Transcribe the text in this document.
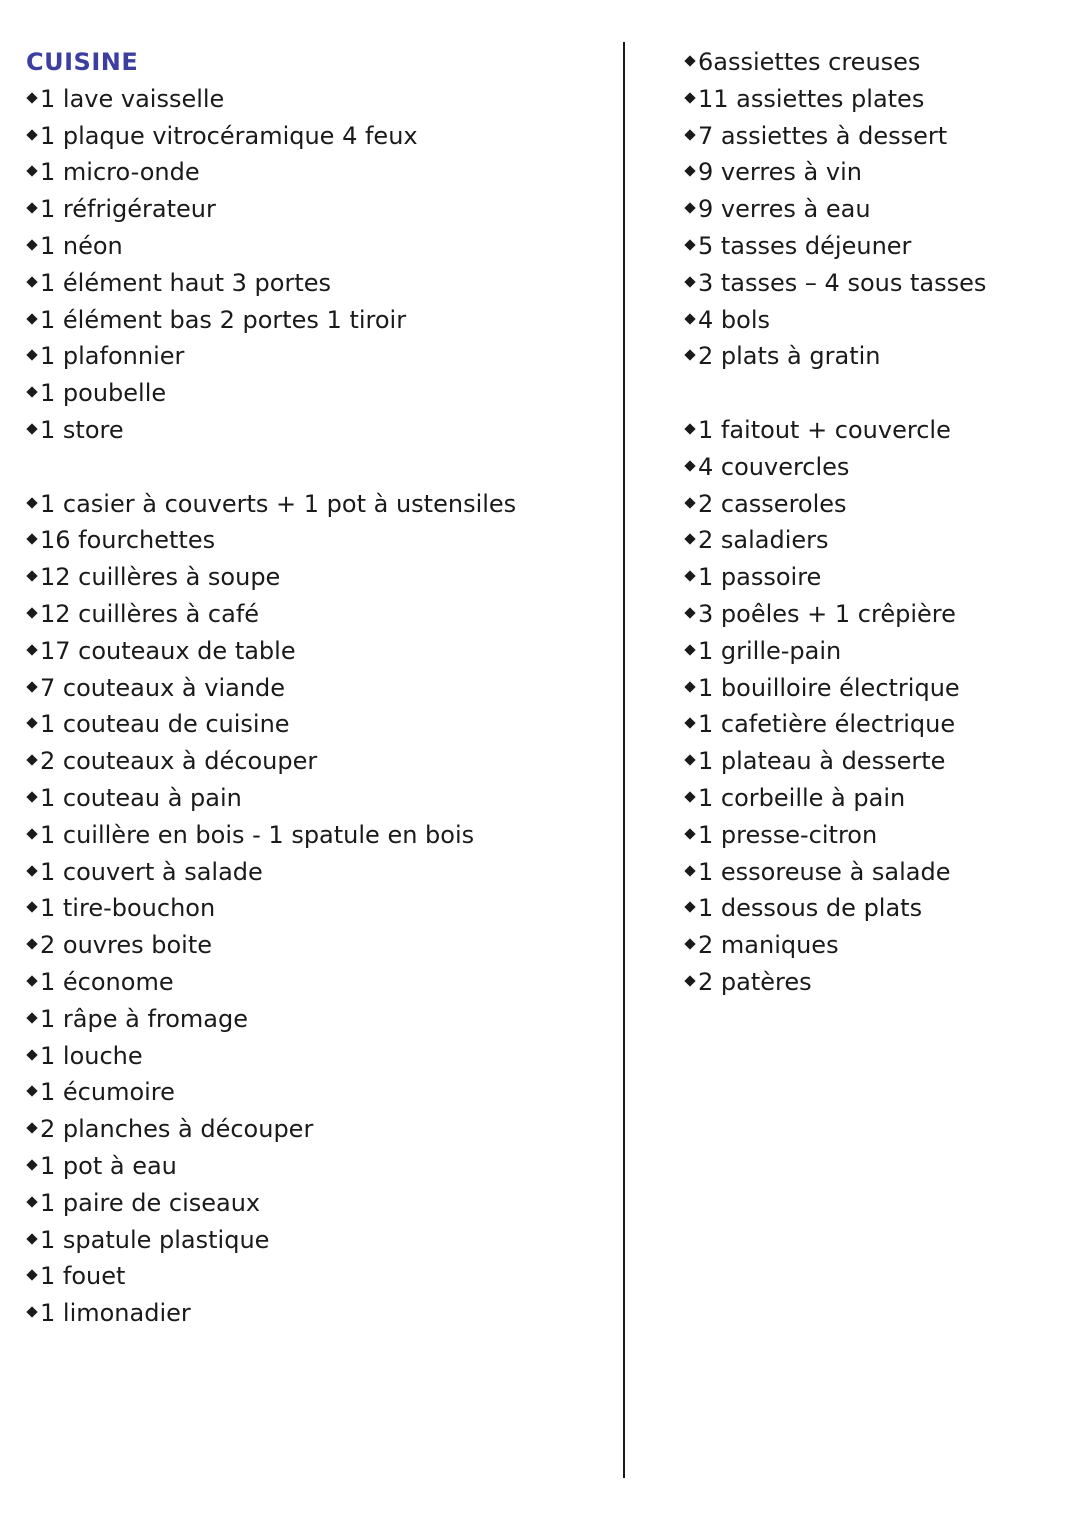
CUISINE
1 lave vaisselle
1 plaque vitrocéramique 4 feux
1 micro-onde
1 réfrigérateur
1 néon
1 élément haut 3 portes
1 élément bas 2 portes 1 tiroir
1 plafonnier
1 poubelle
1 store
1 casier à couverts + 1 pot à ustensiles
16 fourchettes
12 cuillères à soupe
12 cuillères à café
17 couteaux de table
7 couteaux à viande
1 couteau de cuisine
2 couteaux à découper
1 couteau à pain
1 cuillère en bois - 1 spatule en bois
1 couvert à salade
1 tire-bouchon
2 ouvres boite
1 économe
1 râpe à fromage
1 louche
1 écumoire
2 planches à découper
1 pot à eau
1 paire de ciseaux
1 spatule plastique
1 fouet
1 limonadier
6assiettes creuses
11 assiettes plates
7 assiettes à dessert
9 verres à vin
9 verres à eau
5 tasses déjeuner
3 tasses – 4 sous tasses
4 bols
2 plats à gratin
1 faitout + couvercle
4 couvercles
2 casseroles
2 saladiers
1 passoire
3 poêles + 1 crêpière
1 grille-pain
1 bouilloire électrique
1 cafetière électrique
1 plateau à desserte
1 corbeille à pain
1 presse-citron
1 essoreuse à salade
1 dessous de plats
2 maniques
2 patères
